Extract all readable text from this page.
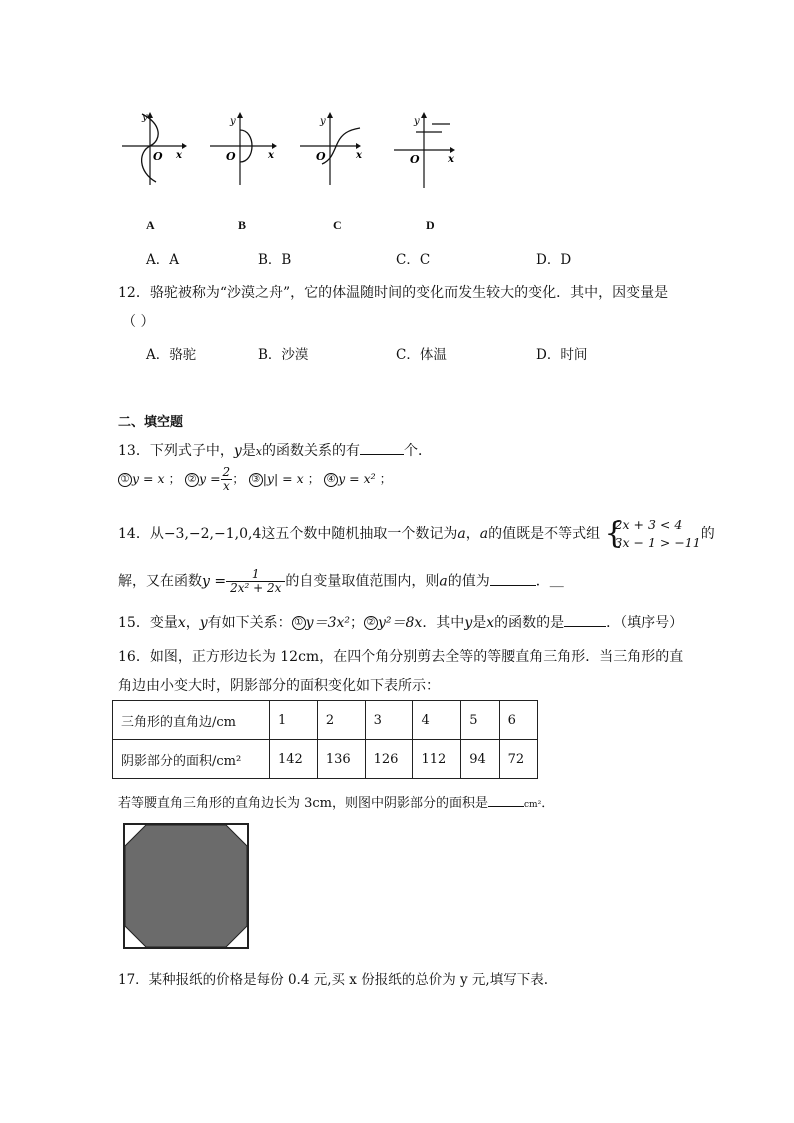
y
O x
A
y
O	x
B
y
O	x
C
y
O	x
D
A．A	B．B	C．C	D．D
12．骆驼被称为“沙漠之舟”，它的体温随时间的变化而发生较大的变化．其中，因变量是
（ ）
A．骆驼	B．沙漠	C．体温	D．时间
二、填空题
13．下列式子中，y是x的函数关系的有	个．
① y = x ； ② $y = \frac{2}{x}$ ； ③ |y| = x ； ④ y = x² ；
14．从−3,−2,−1,0,4这五个数中随机抽取一个数记为a，a的值既是不等式组 {
2x + 3 < 4
3x − 1 > −11
的
解，又在函数$y = \frac{1}{\text{2x² + 2x}}$ 的自变量取值范围内，则a的值为	．＿
15．变量x，y有如下关系： ① y＝3x²； ② y²＝8x．其中y是x的函数的是	．（填序号）
16．如图，正方形边长为 12cm，在四个角分别剪去全等的等腰直角三角形．当三角形的直
角边由小变大时，阴影部分的面积变化如下表所示：
三角形的直角边/cm	1	2	3	4	5	6
阴影部分的面积/cm²	142	136	126	112	94	72
若等腰直角三角形的直角边长为 3cm，则图中阴影部分的面积是	cm²．
17．某种报纸的价格是每份 0.4 元,买 x 份报纸的总价为 y 元,填写下表.
